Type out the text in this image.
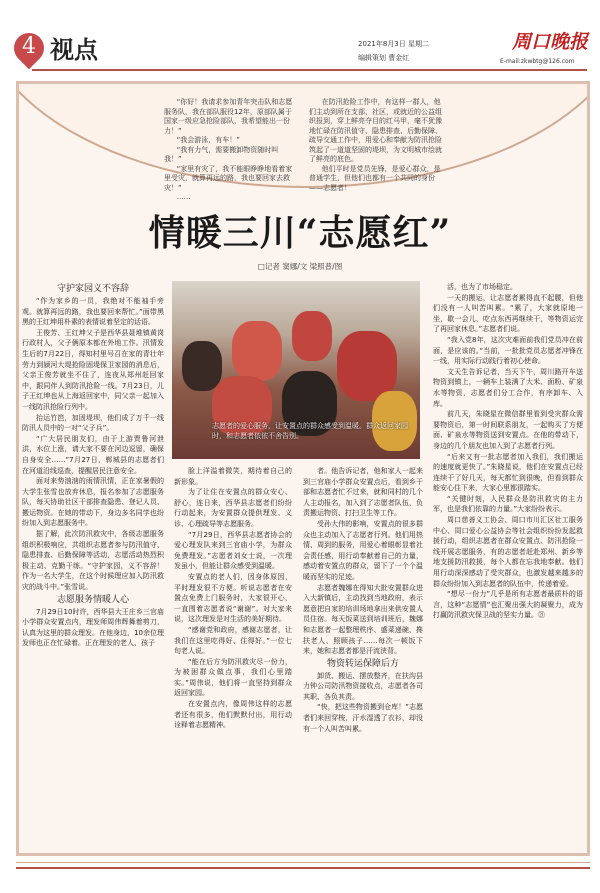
4 视点	2021年8月3日 星期二
编辑策划 曹金红
周口晚报
E-mail:zkwbtg@126.com
“你好！我请求参加青年突击队和志愿服务队，我在部队服役12年，原部队属于国家一级应急抢险部队，我希望能出一份力！”
“我会游泳，有车！”
“我有力气，需要搬卸物资随时叫我！”
“家里有灾了，我不能眼睁睁地看着家里受灾，就算再远的路，我也要回家去救灾！”
……
在防汛抢险工作中，有这样一群人，他们主动到所在支部、社区，或就近的公益组织报到，穿上鲜亮夺目的红马甲，毫不犹豫地忙碌在防汛值守、隐患排查、后勤保障、疏导交通工作中，用爱心和奉献为防汛抢险筑起了一道道坚固的堤坝，为文明城市绘就了鲜亮的底色。
他们平时是党员先锋，是爱心群众，是普通学生，但他们也都有一个共同的身份——志愿者！
情暖三川“志愿红”
□记者 窦娜/文 梁照普/图
志愿者的爱心服务，让安置点的群众感受到温暖。群众返回家园时，和志愿者依依不舍告别。
守护家园义不容辞

“作为家乡的一员，我绝对不能袖手旁观。就算再远的路，我也要回来帮忙。”面带黑黑的王红坤用朴素的表情说着坚定的话语。

王俊芳、王红坤父子是西华县聂堆镇黄岗行政村人，父子俩原本都在外地工作。汛情发生后的7月22日，得知村里号召在家的青壮年劳力到颍河大堤抢险固堤保卫家园的消息后，父亲王俊芳就坐不住了，连夜从郑州赶回家中，跟同伴人到防汛抢险一线。7月23日，儿子王红坤也从上海返回家中，同父亲一起加入一线防汛抢险行列中。

抬运竹笆，加固堤坝，他们成了万千一线防汛人员中的一对“父子兵”。

“广大居民朋友们，由于上游贾鲁河泄洪，水位上涨，请大家不要在河边逗留，确保自身安全……”7月27日，郸城县的志愿者们在河道沿线巡查，提醒居民注意安全。

面对来势汹汹的雨情汛情，正在家暑假的大学生张雪也放弃休息，报名参加了志愿服务队，每天协助社区干部排查隐患、登记人员、搬运物资。在她的带动下，身边多名同学也纷纷加入到志愿服务中。

据了解，此次防汛救灾中，各级志愿服务组织积极响应，共组织志愿者参与防汛值守、隐患排查、后勤保障等活动，志愿活动热烈积极主动、克勤干练。“守护家园，义不容辞！作为一名大学生，在这个时候理应加入防汛救灾的战斗中。”张雪说。

志愿服务情暖人心

7月29日10时许，西华县大王庄乡三官庙小学群众安置点内，理发师周伟辉舞着剪刀，认真为这里的群众理发。在他身边，10余位理发师也正在忙碌着。正在理发的老人、孩子

脸上洋溢着微笑，期待着自己的新形象。

为了让住在安置点的群众安心、舒心，连日来，西华县志愿者们纷纷行动起来，为安置群众提供理发、义诊、心理疏导等志愿服务。

“7月29日，西华县志愿者协会的爱心理发队来到三官庙小学，为群众免费理发。”志愿者刘女士说，一次理发虽小，但能让群众感受到温暖。

安置点的老人们，因身体原因，平时理发很不方便。听说志愿者在安置点免费上门服务时，大家很开心，一直围着志愿者说“谢谢”。对大家来说，这次理发是对生活的美好期待。

“感谢党和政府，感谢志愿者，让我们在这里吃得好、住得好。”一位七旬老人说。

“能在后方为防汛救灾尽一份力，为被困群众做点事，我们心里踏实。”周伟说，他们将一直坚持到群众返回家园。

在安置点内，像周伟这样的志愿者还有很多，他们默默付出，用行动诠释着志愿精神。

者。他告诉记者，他和家人一起来到三官庙小学群众安置点后，看到乡干部和志愿者忙不过来，就和同村的几个人主动报名，加入到了志愿者队伍，负责搬运物资、打扫卫生等工作。

受孙大伟的影响，安置点的很多群众也主动加入了志愿者行列。他们用热情、周到的服务，用爱心着眼彰显着社会责任感，用行动奉献着自己的力量，感动着安置点的群众，留下了一个个温暖而坚实的足迹。

志愿者魏娜在得知大批安置群众进入大新镇后，主动找到当地政府，表示愿意把自家的培训场地拿出来供安置人员住宿。每天饭菜送到培训班后，魏娜和志愿者一起整理秩序、盛菜递碗、搀扶老人、照顾孩子……每次一顿饭下来，她和志愿者都是汗流浃背。

物资转运保障后方

卸货、搬运、摆放整齐，在扶沟县力钟公司防汛物资接收点，志愿者各司其职、各负其责。

“快，把这些物资搬到仓库！”志愿者们来回穿梭，汗水湿透了衣衫，却没有一个人叫苦叫累。

活，也为了市场稳定。

一天的搬运，让志愿者累得直不起腰，但他们没有一人叫苦叫累。“累了，大家就原地一坐，歇一会儿，吃点东西再继续干，等物资运完了再回家休息。”志愿者们说。

“我入党8年，这次灾难面前我们党员冲在前面，是应该的。”当前，一批批党员志愿者冲锋在一线，用实际行动践行着初心使命。

文天生告诉记者，当天下午，周川路开车送物资到镇上，一辆车上装满了大米、面粉、矿泉水等物资，志愿者们分工合作，有序卸车、入库。

前几天，朱晓星在微信群里看到受灾群众需要物资后，第一时间联系朋友，一起购买了方便面、矿泉水等物资送到安置点。在他的带动下，身边的几个朋友也加入到了志愿者行列。

“后来又有一批志愿者加入我们，我们搬运的速度就更快了。”朱晓星说，他们在安置点已经连续干了好几天，每天都忙到很晚，但看到群众能安心住下来，大家心里都很踏实。

“关键时刻，人民群众是防汛救灾的主力军，也是我们依靠的力量。”大家纷纷表示。

周口慈善义工协会、周口市川汇区社工服务中心、周口爱心公益协会等社会组织纷纷发起救援行动，组织志愿者在群众安置点、防汛抢险一线开展志愿服务，有的志愿者赶赴郑州、新乡等地支援防汛救援，每个人都在忘我地奉献。他们用行动深深感动了受灾群众，也激发越来越多的群众纷纷加入到志愿者的队伍中，传递着爱。

“想尽一份力”几乎是所有志愿者最质朴的语言，这种“志愿情”也汇聚出强大的凝聚力，成为打赢防汛救灾保卫战的坚实力量。㉑
